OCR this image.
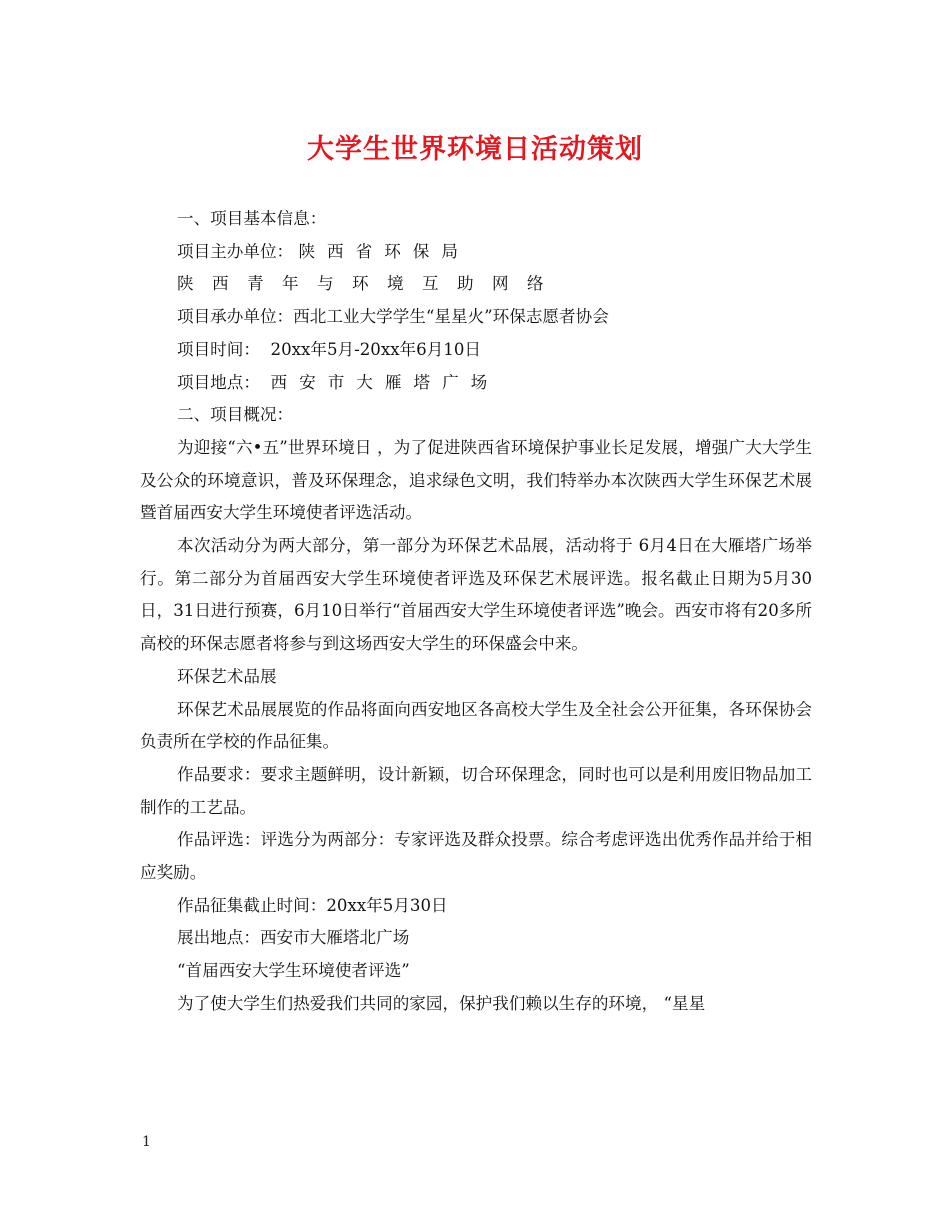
大学生世界环境日活动策划

一、项目基本信息：

项目主办单位： 陕西省环保局

陕西青年与环境互助网络

项目承办单位：西北工业大学学生“星星火”环保志愿者协会

项目时间： 20xx年5月-20xx年6月10日

项目地点： 西安市大雁塔广场

二、项目概况：

为迎接“六•五”世界环境日 ，为了促进陕西省环境保护事业长足发展，增强广大大学生及公众的环境意识，普及环保理念，追求绿色文明，我们特举办本次陕西大学生环保艺术展暨首届西安大学生环境使者评选活动。

本次活动分为两大部分，第一部分为环保艺术品展，活动将于 6月4日在大雁塔广场举行。第二部分为首届西安大学生环境使者评选及环保艺术展评选。报名截止日期为5月30日，31日进行预赛，6月10日举行“首届西安大学生环境使者评选”晚会。西安市将有20多所高校的环保志愿者将参与到这场西安大学生的环保盛会中来。

环保艺术品展

环保艺术品展展览的作品将面向西安地区各高校大学生及全社会公开征集，各环保协会负责所在学校的作品征集。

作品要求：要求主题鲜明，设计新颖，切合环保理念，同时也可以是利用废旧物品加工制作的工艺品。

作品评选：评选分为两部分：专家评选及群众投票。综合考虑评选出优秀作品并给于相应奖励。

作品征集截止时间：20xx年5月30日

展出地点：西安市大雁塔北广场

“首届西安大学生环境使者评选”

为了使大学生们热爱我们共同的家园，保护我们赖以生存的环境， “星星

1
